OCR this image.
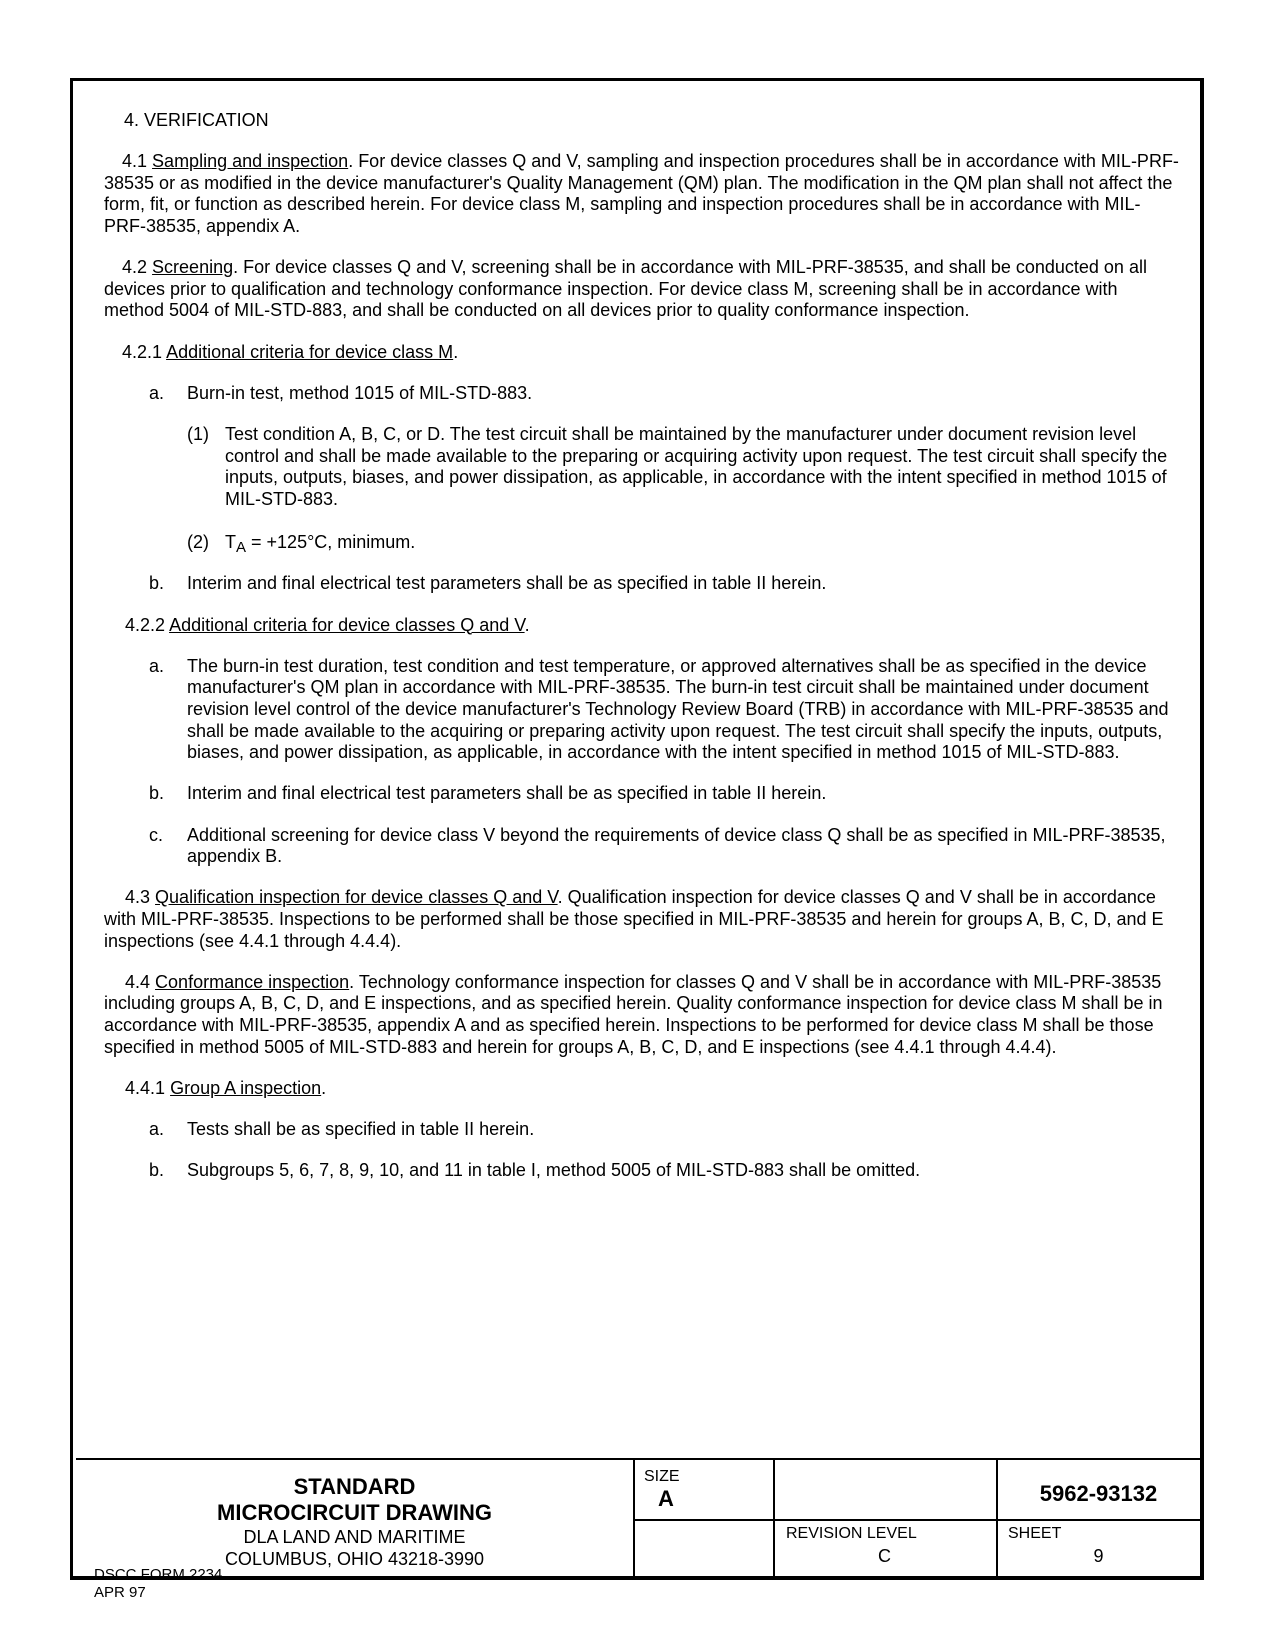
4. VERIFICATION

4.1 Sampling and inspection. For device classes Q and V, sampling and inspection procedures shall be in accordance with MIL-PRF-38535 or as modified in the device manufacturer's Quality Management (QM) plan. The modification in the QM plan shall not affect the form, fit, or function as described herein. For device class M, sampling and inspection procedures shall be in accordance with MIL-PRF-38535, appendix A.

4.2 Screening. For device classes Q and V, screening shall be in accordance with MIL-PRF-38535, and shall be conducted on all devices prior to qualification and technology conformance inspection. For device class M, screening shall be in accordance with method 5004 of MIL-STD-883, and shall be conducted on all devices prior to quality conformance inspection.

4.2.1 Additional criteria for device class M.

a. Burn-in test, method 1015 of MIL-STD-883.
(1) Test condition A, B, C, or D. The test circuit shall be maintained by the manufacturer under document revision level control and shall be made available to the preparing or acquiring activity upon request. The test circuit shall specify the inputs, outputs, biases, and power dissipation, as applicable, in accordance with the intent specified in method 1015 of MIL-STD-883.
(2) $T_A = +125^\circ C$, minimum.
b. Interim and final electrical test parameters shall be as specified in table II herein.

4.2.2 Additional criteria for device classes Q and V.

a. The burn-in test duration, test condition and test temperature, or approved alternatives shall be as specified in the device manufacturer's QM plan in accordance with MIL-PRF-38535. The burn-in test circuit shall be maintained under document revision level control of the device manufacturer's Technology Review Board (TRB) in accordance with MIL-PRF-38535 and shall be made available to the acquiring or preparing activity upon request. The test circuit shall specify the inputs, outputs, biases, and power dissipation, as applicable, in accordance with the intent specified in method 1015 of MIL-STD-883.
b. Interim and final electrical test parameters shall be as specified in table II herein.
c. Additional screening for device class V beyond the requirements of device class Q shall be as specified in MIL-PRF-38535, appendix B.

4.3 Qualification inspection for device classes Q and V. Qualification inspection for device classes Q and V shall be in accordance with MIL-PRF-38535. Inspections to be performed shall be those specified in MIL-PRF-38535 and herein for groups A, B, C, D, and E inspections (see 4.4.1 through 4.4.4).

4.4 Conformance inspection. Technology conformance inspection for classes Q and V shall be in accordance with MIL-PRF-38535 including groups A, B, C, D, and E inspections, and as specified herein. Quality conformance inspection for device class M shall be in accordance with MIL-PRF-38535, appendix A and as specified herein. Inspections to be performed for device class M shall be those specified in method 5005 of MIL-STD-883 and herein for groups A, B, C, D, and E inspections (see 4.4.1 through 4.4.4).

4.4.1 Group A inspection.

a. Tests shall be as specified in table II herein.
b. Subgroups 5, 6, 7, 8, 9, 10, and 11 in table I, method 5005 of MIL-STD-883 shall be omitted.
STANDARD
MICROCIRCUIT DRAWING
DLA LAND AND MARITIME
COLUMBUS, OHIO 43218-3990
SIZE
A	5962-93132
REVISION LEVEL
C
SHEET
9
DSCC FORM 2234
APR 97
